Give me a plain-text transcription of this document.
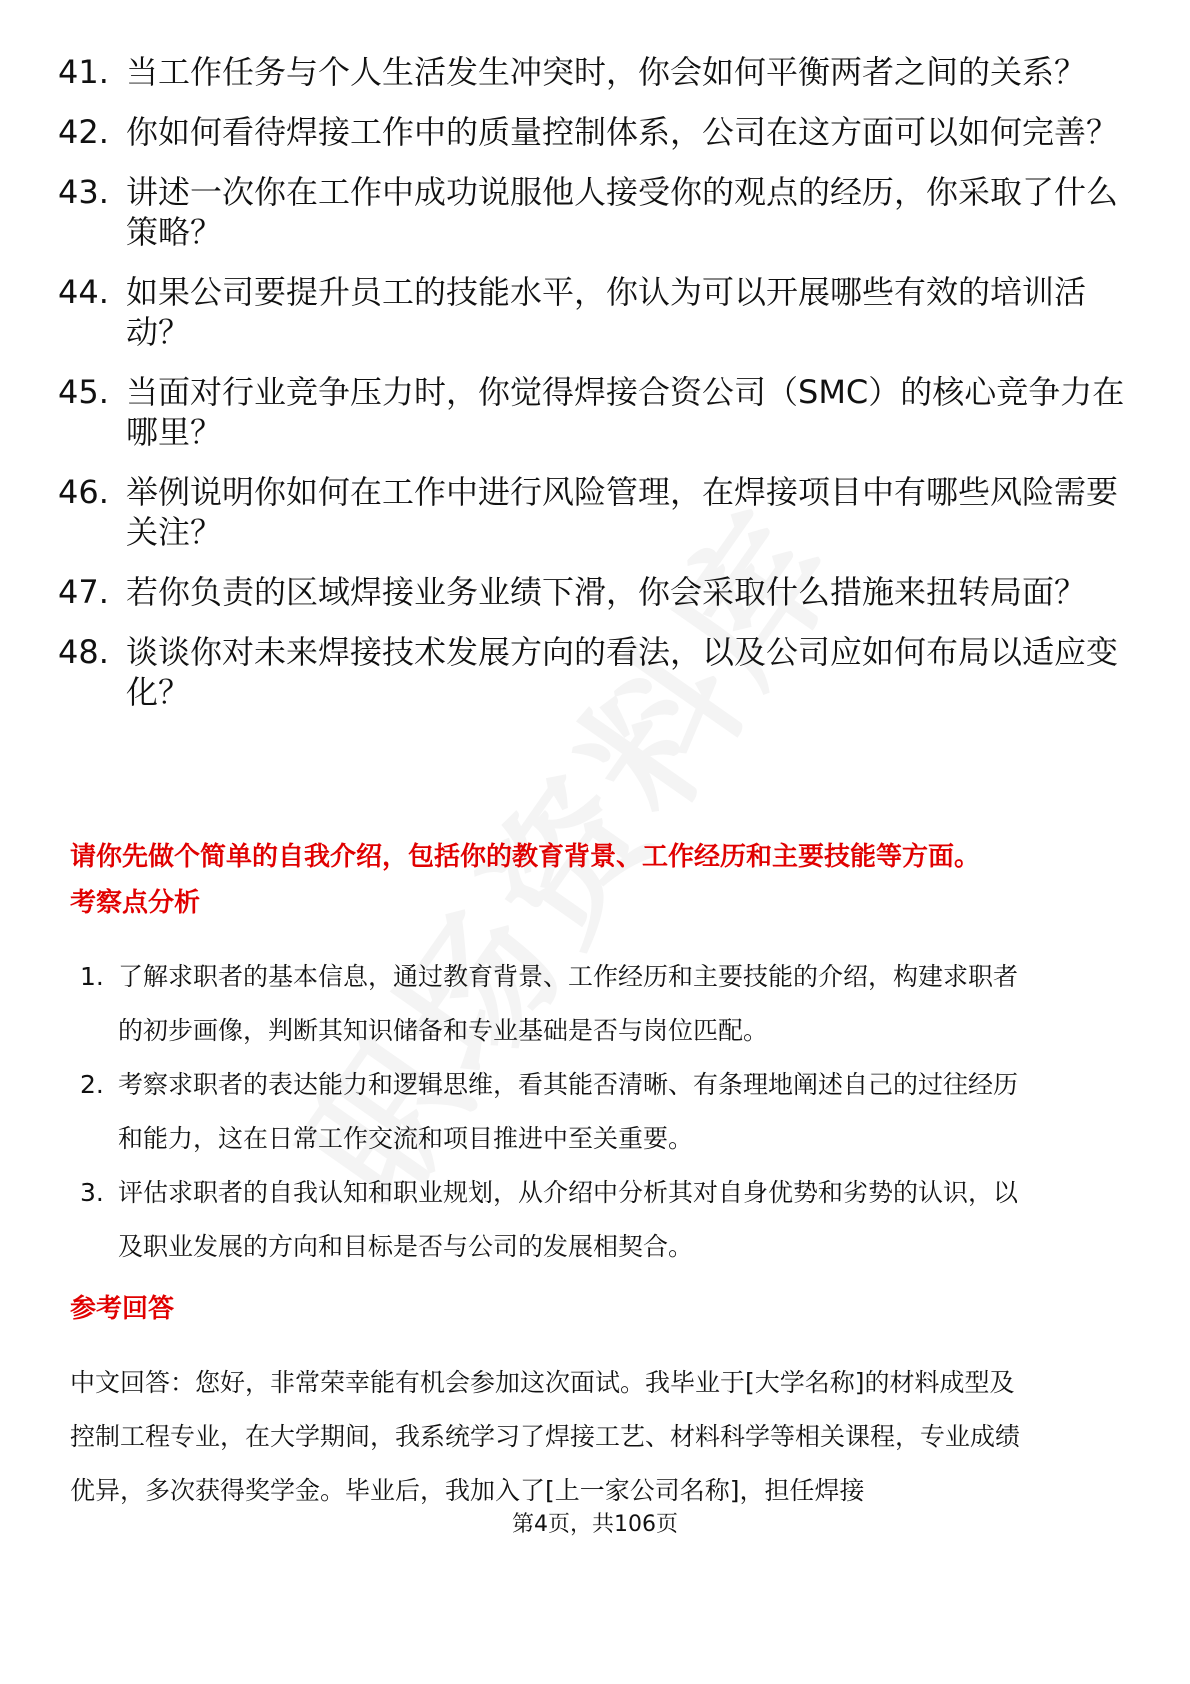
41. 当工作任务与个人生活发生冲突时，你会如何平衡两者之间的关系？
42. 你如何看待焊接工作中的质量控制体系，公司在这方面可以如何完善？
43. 讲述一次你在工作中成功说服他人接受你的观点的经历，你采取了什么策略？
44. 如果公司要提升员工的技能水平，你认为可以开展哪些有效的培训活动？
45. 当面对行业竞争压力时，你觉得焊接合资公司（SMC）的核心竞争力在哪里？
46. 举例说明你如何在工作中进行风险管理，在焊接项目中有哪些风险需要关注？
47. 若你负责的区域焊接业务业绩下滑，你会采取什么措施来扭转局面？
48. 谈谈你对未来焊接技术发展方向的看法，以及公司应如何布局以适应变化？
请你先做个简单的自我介绍，包括你的教育背景、工作经历和主要技能等方面。
考察点分析
1. 了解求职者的基本信息，通过教育背景、工作经历和主要技能的介绍，构建求职者的初步画像，判断其知识储备和专业基础是否与岗位匹配。
2. 考察求职者的表达能力和逻辑思维，看其能否清晰、有条理地阐述自己的过往经历和能力，这在日常工作交流和项目推进中至关重要。
3. 评估求职者的自我认知和职业规划，从介绍中分析其对自身优势和劣势的认识，以及职业发展的方向和目标是否与公司的发展相契合。
参考回答
中文回答：您好，非常荣幸能有机会参加这次面试。我毕业于[大学名称]的材料成型及控制工程专业，在大学期间，我系统学习了焊接工艺、材料科学等相关课程，专业成绩优异，多次获得奖学金。毕业后，我加入了[上一家公司名称]，担任焊接
第4页，共106页
